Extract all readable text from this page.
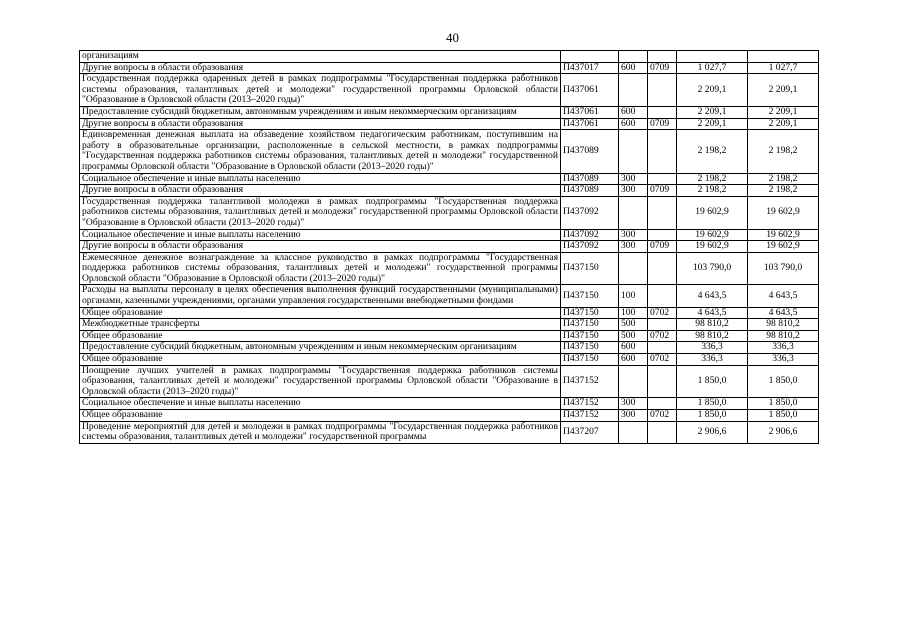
40
организациям					
Другие вопросы в области образования	П437017	600	0709	1 027,7	1 027,7
Государственная поддержка одаренных детей в рамках подпрограммы "Государственная поддержка работников системы образования, талантливых детей и молодежи" государственной программы Орловской области "Образование в Орловской области (2013–2020 годы)"	П437061			2 209,1	2 209,1
Предоставление субсидий бюджетным, автономным учреждениям и иным некоммерческим организациям	П437061	600		2 209,1	2 209,1
Другие вопросы в области образования	П437061	600	0709	2 209,1	2 209,1
Единовременная денежная выплата на обзаведение хозяйством педагогическим работникам, поступившим на работу в образовательные организации, расположенные в сельской местности, в рамках подпрограммы "Государственная поддержка работников системы образования, талантливых детей и молодежи" государственной программы Орловской области "Образование в Орловской области (2013–2020 годы)"	П437089			2 198,2	2 198,2
Социальное обеспечение и иные выплаты населению	П437089	300		2 198,2	2 198,2
Другие вопросы в области образования	П437089	300	0709	2 198,2	2 198,2
Государственная поддержка талантливой молодежи в рамках подпрограммы "Государственная поддержка работников системы образования, талантливых детей и молодежи" государственной программы Орловской области "Образование в Орловской области (2013–2020 годы)"	П437092			19 602,9	19 602,9
Социальное обеспечение и иные выплаты населению	П437092	300		19 602,9	19 602,9
Другие вопросы в области образования	П437092	300	0709	19 602,9	19 602,9
Ежемесячное денежное вознаграждение за классное руководство в рамках подпрограммы "Государственная поддержка работников системы образования, талантливых детей и молодежи" государственной программы Орловской области "Образование в Орловской области (2013–2020 годы)"	П437150			103 790,0	103 790,0
Расходы на выплаты персоналу в целях обеспечения выполнения функций государственными (муниципальными) органами, казенными учреждениями, органами управления государственными внебюджетными фондами	П437150	100		4 643,5	4 643,5
Общее образование	П437150	100	0702	4 643,5	4 643,5
Межбюджетные трансферты	П437150	500		98 810,2	98 810,2
Общее образование	П437150	500	0702	98 810,2	98 810,2
Предоставление субсидий бюджетным, автономным учреждениям и иным некоммерческим организациям	П437150	600		336,3	336,3
Общее образование	П437150	600	0702	336,3	336,3
Поощрение лучших учителей в рамках подпрограммы "Государственная поддержка работников системы образования, талантливых детей и молодежи" государственной программы Орловской области "Образование в Орловской области (2013–2020 годы)"	П437152			1 850,0	1 850,0
Социальное обеспечение и иные выплаты населению	П437152	300		1 850,0	1 850,0
Общее образование	П437152	300	0702	1 850,0	1 850,0
Проведение мероприятий для детей и молодежи в рамках подпрограммы "Государственная поддержка работников системы образования, талантливых детей и молодежи" государственной программы	П437207			2 906,6	2 906,6
